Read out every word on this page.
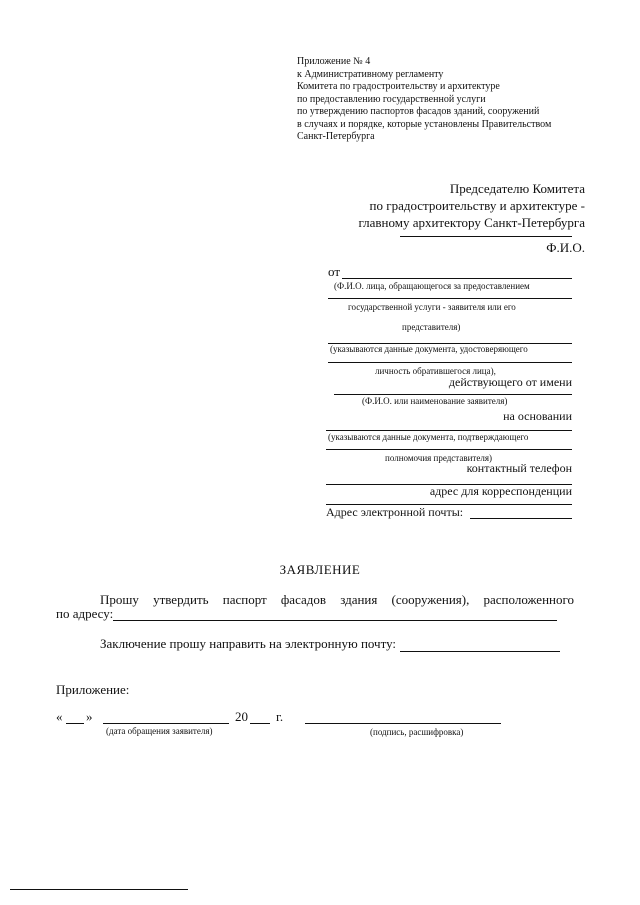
Приложение № 4
к Административному регламенту
Комитета по градостроительству и архитектуре
по предоставлению государственной услуги
по утверждению паспортов фасадов зданий, сооружений
в случаях и порядке, которые установлены Правительством
Санкт-Петербурга
Председателю Комитета
по градостроительству и архитектуре -
главному архитектору Санкт-Петербурга
Ф.И.О.
от
(Ф.И.О. лица, обращающегося за предоставлением
государственной услуги - заявителя или его
представителя)
(указываются данные документа, удостоверяющего
личность обратившегося лица),
действующего от имени
(Ф.И.О. или наименование заявителя)
на основании
(указываются данные документа, подтверждающего
полномочия представителя)
контактный телефон
адрес для корреспонденции
Адрес электронной почты:
ЗАЯВЛЕНИЕ
Прошу утвердить паспорт фасадов здания (сооружения), расположенного
по адресу:
Заключение прошу направить на электронную почту:
Приложение:
« »	20 г.
(дата обращения заявителя)	(подпись, расшифровка)
